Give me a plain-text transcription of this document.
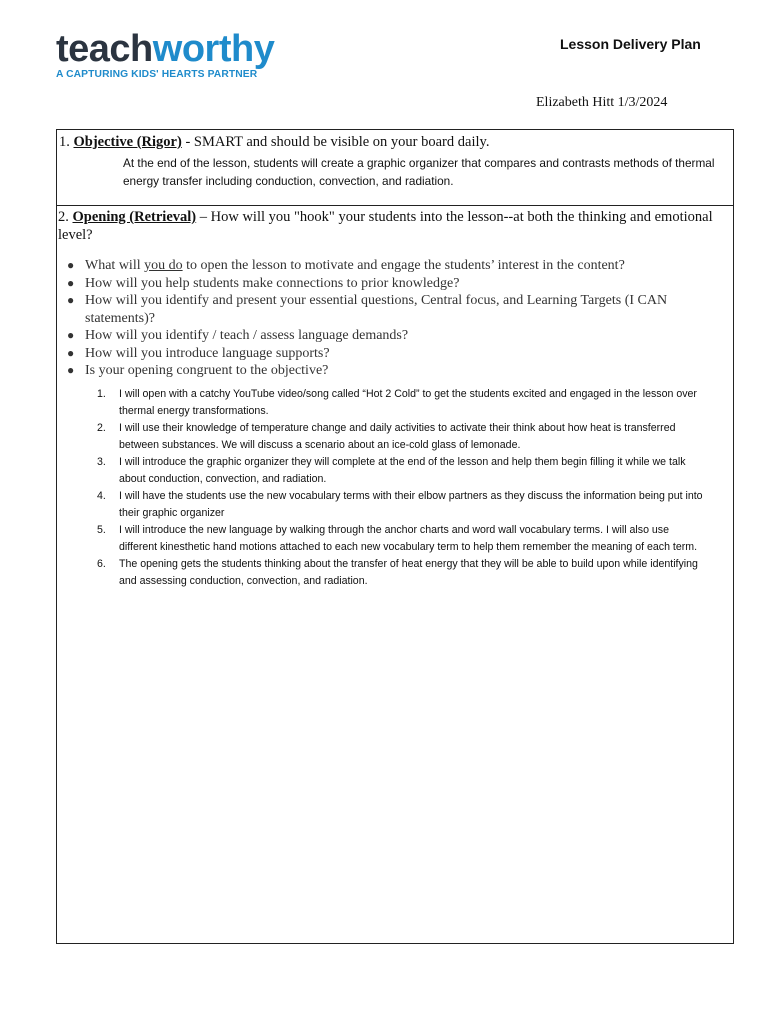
teachworthy
A CAPTURING KIDS' HEARTS PARTNER
Lesson Delivery Plan
Elizabeth Hitt 1/3/2024
1. Objective (Rigor) - SMART and should be visible on your board daily.
At the end of the lesson, students will create a graphic organizer that compares and contrasts methods of thermal energy transfer including conduction, convection, and radiation.
2. Opening (Retrieval) – How will you "hook" your students into the lesson--at both the thinking and emotional level?
● What will you do to open the lesson to motivate and engage the students’ interest in the content?
● How will you help students make connections to prior knowledge?
● How will you identify and present your essential questions, Central focus, and Learning Targets (I CAN statements)?
● How will you identify / teach / assess language demands?
● How will you introduce language supports?
● Is your opening congruent to the objective?
1. I will open with a catchy YouTube video/song called “Hot 2 Cold” to get the students excited and engaged in the lesson over thermal energy transformations.
2. I will use their knowledge of temperature change and daily activities to activate their think about how heat is transferred between substances. We will discuss a scenario about an ice-cold glass of lemonade.
3. I will introduce the graphic organizer they will complete at the end of the lesson and help them begin filling it while we talk about conduction, convection, and radiation.
4. I will have the students use the new vocabulary terms with their elbow partners as they discuss the information being put into their graphic organizer
5. I will introduce the new language by walking through the anchor charts and word wall vocabulary terms. I will also use different kinesthetic hand motions attached to each new vocabulary term to help them remember the meaning of each term.
6. The opening gets the students thinking about the transfer of heat energy that they will be able to build upon while identifying and assessing conduction, convection, and radiation.
